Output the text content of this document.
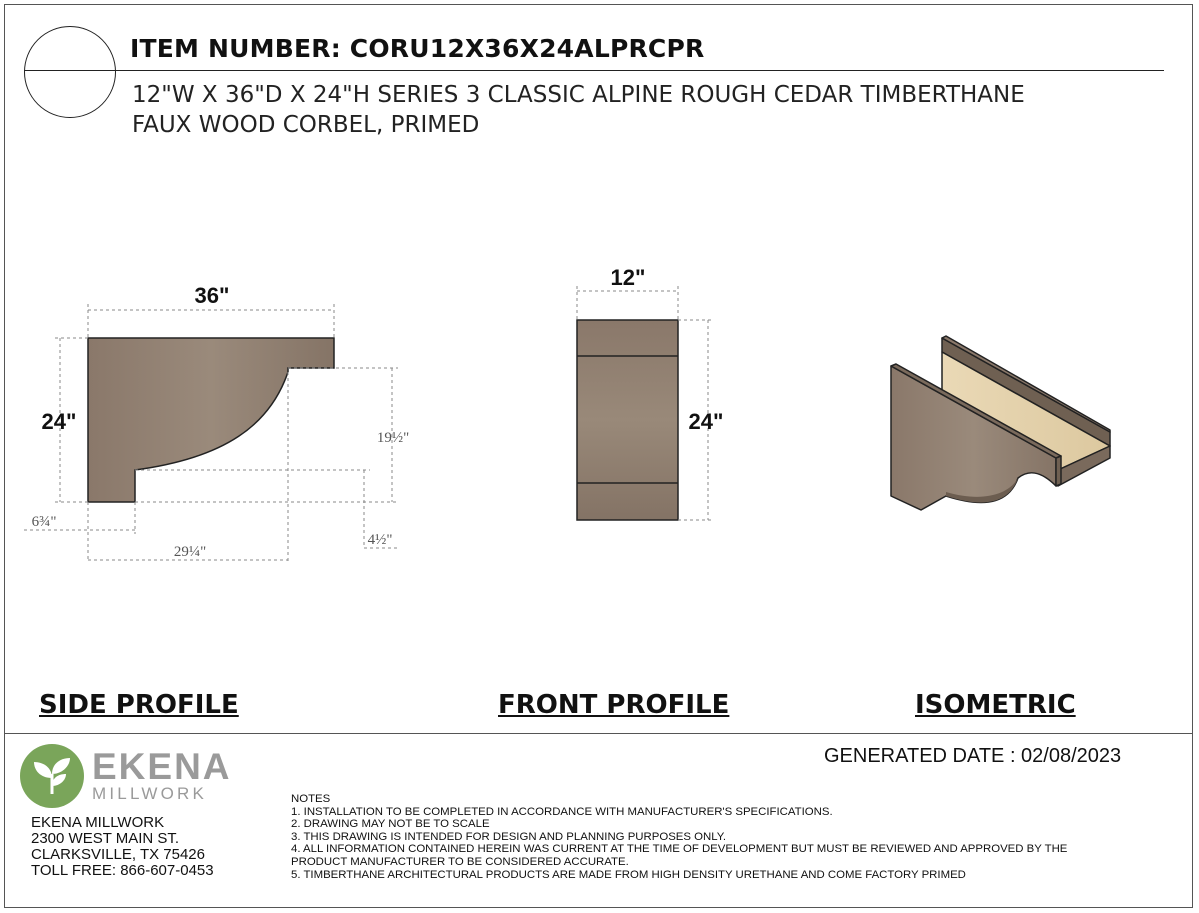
ITEM NUMBER: CORU12X36X24ALPRCPR
12"W X 36"D X 24"H SERIES 3 CLASSIC ALPINE ROUGH CEDAR TIMBERTHANE
FAUX WOOD CORBEL, PRIMED
36"
24"
19½"
6¾"
29¼"
4½"
12"
24"
SIDE PROFILE	FRONT PROFILE	ISOMETRIC
GENERATED DATE : 02/08/2023
EKENA
MILLWORK
EKENA MILLWORK
2300 WEST MAIN ST.
CLARKSVILLE, TX 75426
TOLL FREE: 866-607-0453
NOTES
1. INSTALLATION TO BE COMPLETED IN ACCORDANCE WITH MANUFACTURER'S SPECIFICATIONS.
2. DRAWING MAY NOT BE TO SCALE
3. THIS DRAWING IS INTENDED FOR DESIGN AND PLANNING PURPOSES ONLY.
4. ALL INFORMATION CONTAINED HEREIN WAS CURRENT AT THE TIME OF DEVELOPMENT BUT MUST BE REVIEWED AND APPROVED BY THE
PRODUCT MANUFACTURER TO BE CONSIDERED ACCURATE.
5. TIMBERTHANE ARCHITECTURAL PRODUCTS ARE MADE FROM HIGH DENSITY URETHANE AND COME FACTORY PRIMED
